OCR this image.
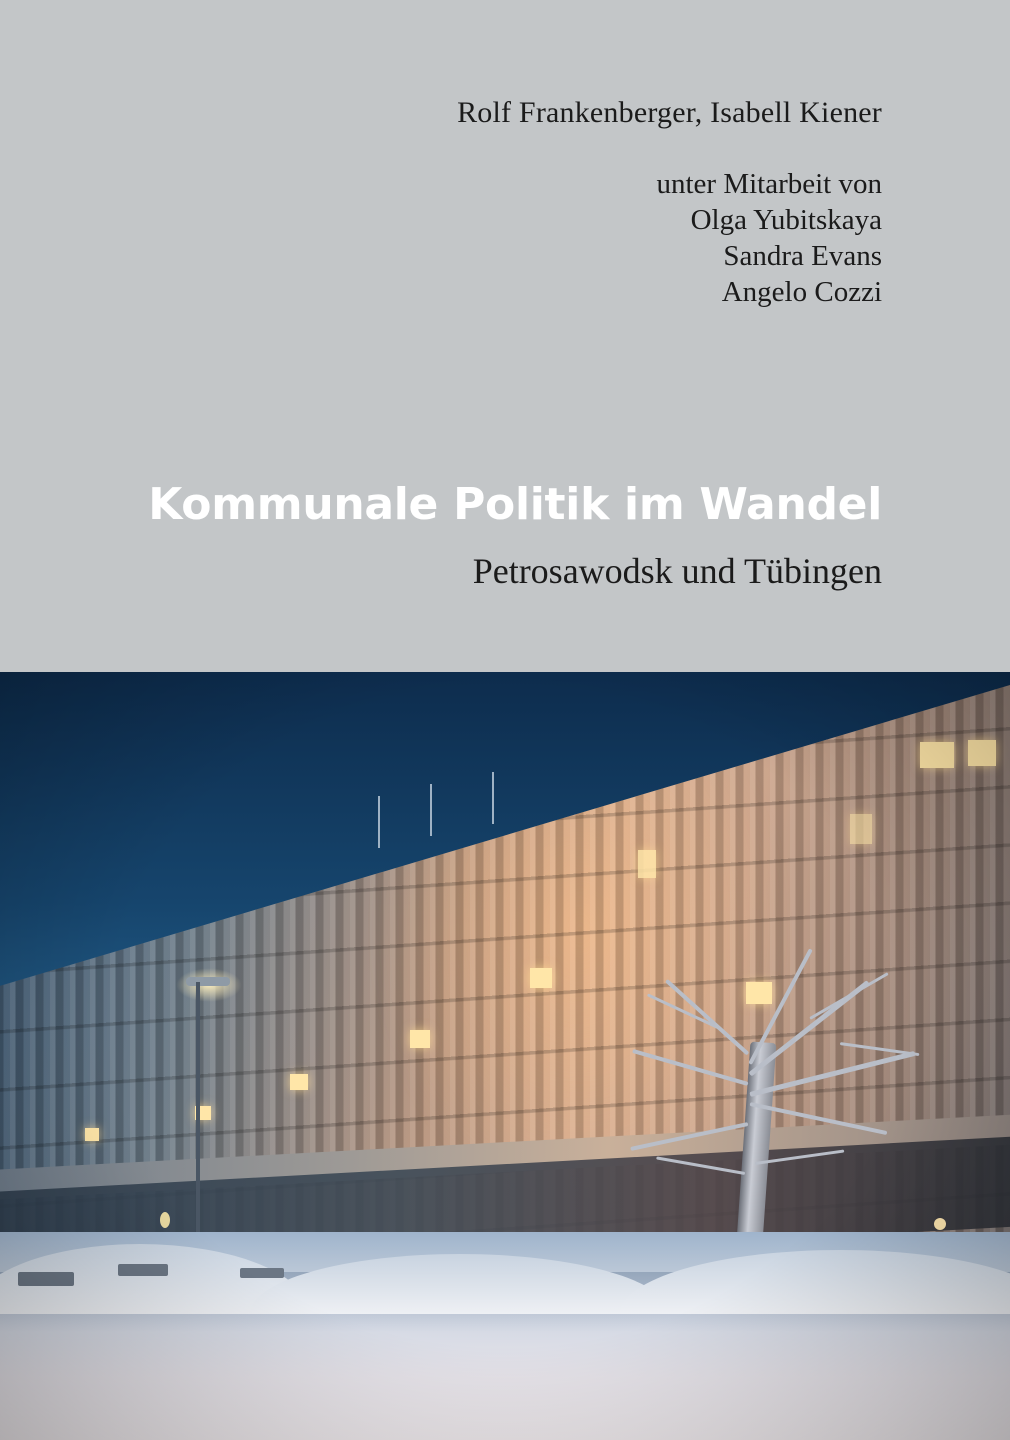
Rolf Frankenberger, Isabell Kiener
unter Mitarbeit von
Olga Yubitskaya
Sandra Evans
Angelo Cozzi
Kommunale Politik im Wandel
Petrosawodsk und Tübingen
